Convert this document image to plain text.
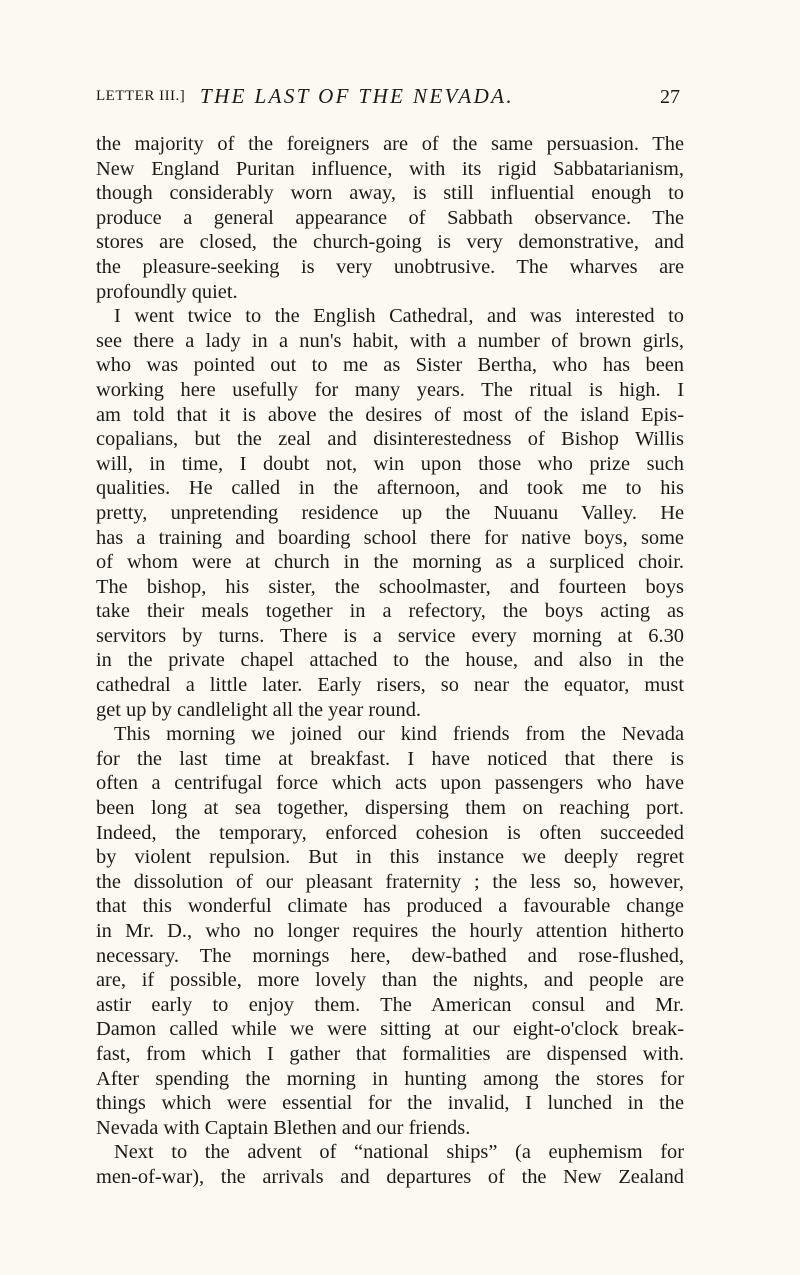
LETTER III.] THE LAST OF THE NEVADA.	27
the majority of the foreigners are of the same persuasion. The
New England Puritan influence, with its rigid Sabbatarianism,
though considerably worn away, is still influential enough to
produce a general appearance of Sabbath observance. The
stores are closed, the church-going is very demonstrative, and
the pleasure-seeking is very unobtrusive. The wharves are
profoundly quiet.
I went twice to the English Cathedral, and was interested to
see there a lady in a nun's habit, with a number of brown girls,
who was pointed out to me as Sister Bertha, who has been
working here usefully for many years. The ritual is high. I
am told that it is above the desires of most of the island Epis-
copalians, but the zeal and disinterestedness of Bishop Willis
will, in time, I doubt not, win upon those who prize such
qualities. He called in the afternoon, and took me to his
pretty, unpretending residence up the Nuuanu Valley. He
has a training and boarding school there for native boys, some
of whom were at church in the morning as a surpliced choir.
The bishop, his sister, the schoolmaster, and fourteen boys
take their meals together in a refectory, the boys acting as
servitors by turns. There is a service every morning at 6.30
in the private chapel attached to the house, and also in the
cathedral a little later. Early risers, so near the equator, must
get up by candlelight all the year round.
This morning we joined our kind friends from the Nevada
for the last time at breakfast. I have noticed that there is
often a centrifugal force which acts upon passengers who have
been long at sea together, dispersing them on reaching port.
Indeed, the temporary, enforced cohesion is often succeeded
by violent repulsion. But in this instance we deeply regret
the dissolution of our pleasant fraternity ; the less so, however,
that this wonderful climate has produced a favourable change
in Mr. D., who no longer requires the hourly attention hitherto
necessary. The mornings here, dew-bathed and rose-flushed,
are, if possible, more lovely than the nights, and people are
astir early to enjoy them. The American consul and Mr.
Damon called while we were sitting at our eight-o'clock break-
fast, from which I gather that formalities are dispensed with.
After spending the morning in hunting among the stores for
things which were essential for the invalid, I lunched in the
Nevada with Captain Blethen and our friends.
Next to the advent of “national ships” (a euphemism for
men-of-war), the arrivals and departures of the New Zealand
